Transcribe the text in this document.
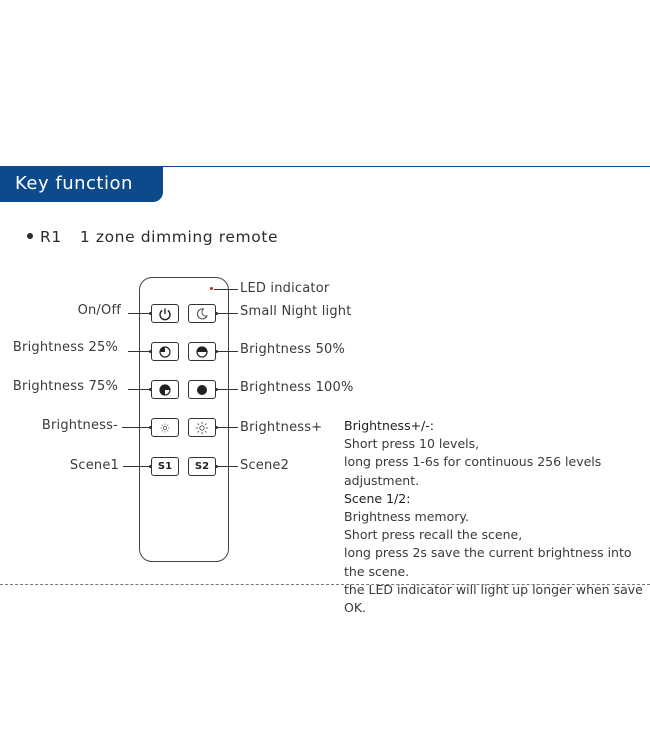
Key function
R1 1 zone dimming remote
LED indicator
On/Off	Small Night light
Brightness 25%	Brightness 50%
Brightness 75%	Brightness 100%
Brightness-	Brightness+
S1 S2
Scene1	Scene2
Brightness+/-:
Short press 10 levels,
long press 1-6s for continuous 256 levels adjustment.
Scene 1/2:
Brightness memory.
Short press recall the scene,
long press 2s save the current brightness into the scene.
the LED indicator will light up longer when save OK.
